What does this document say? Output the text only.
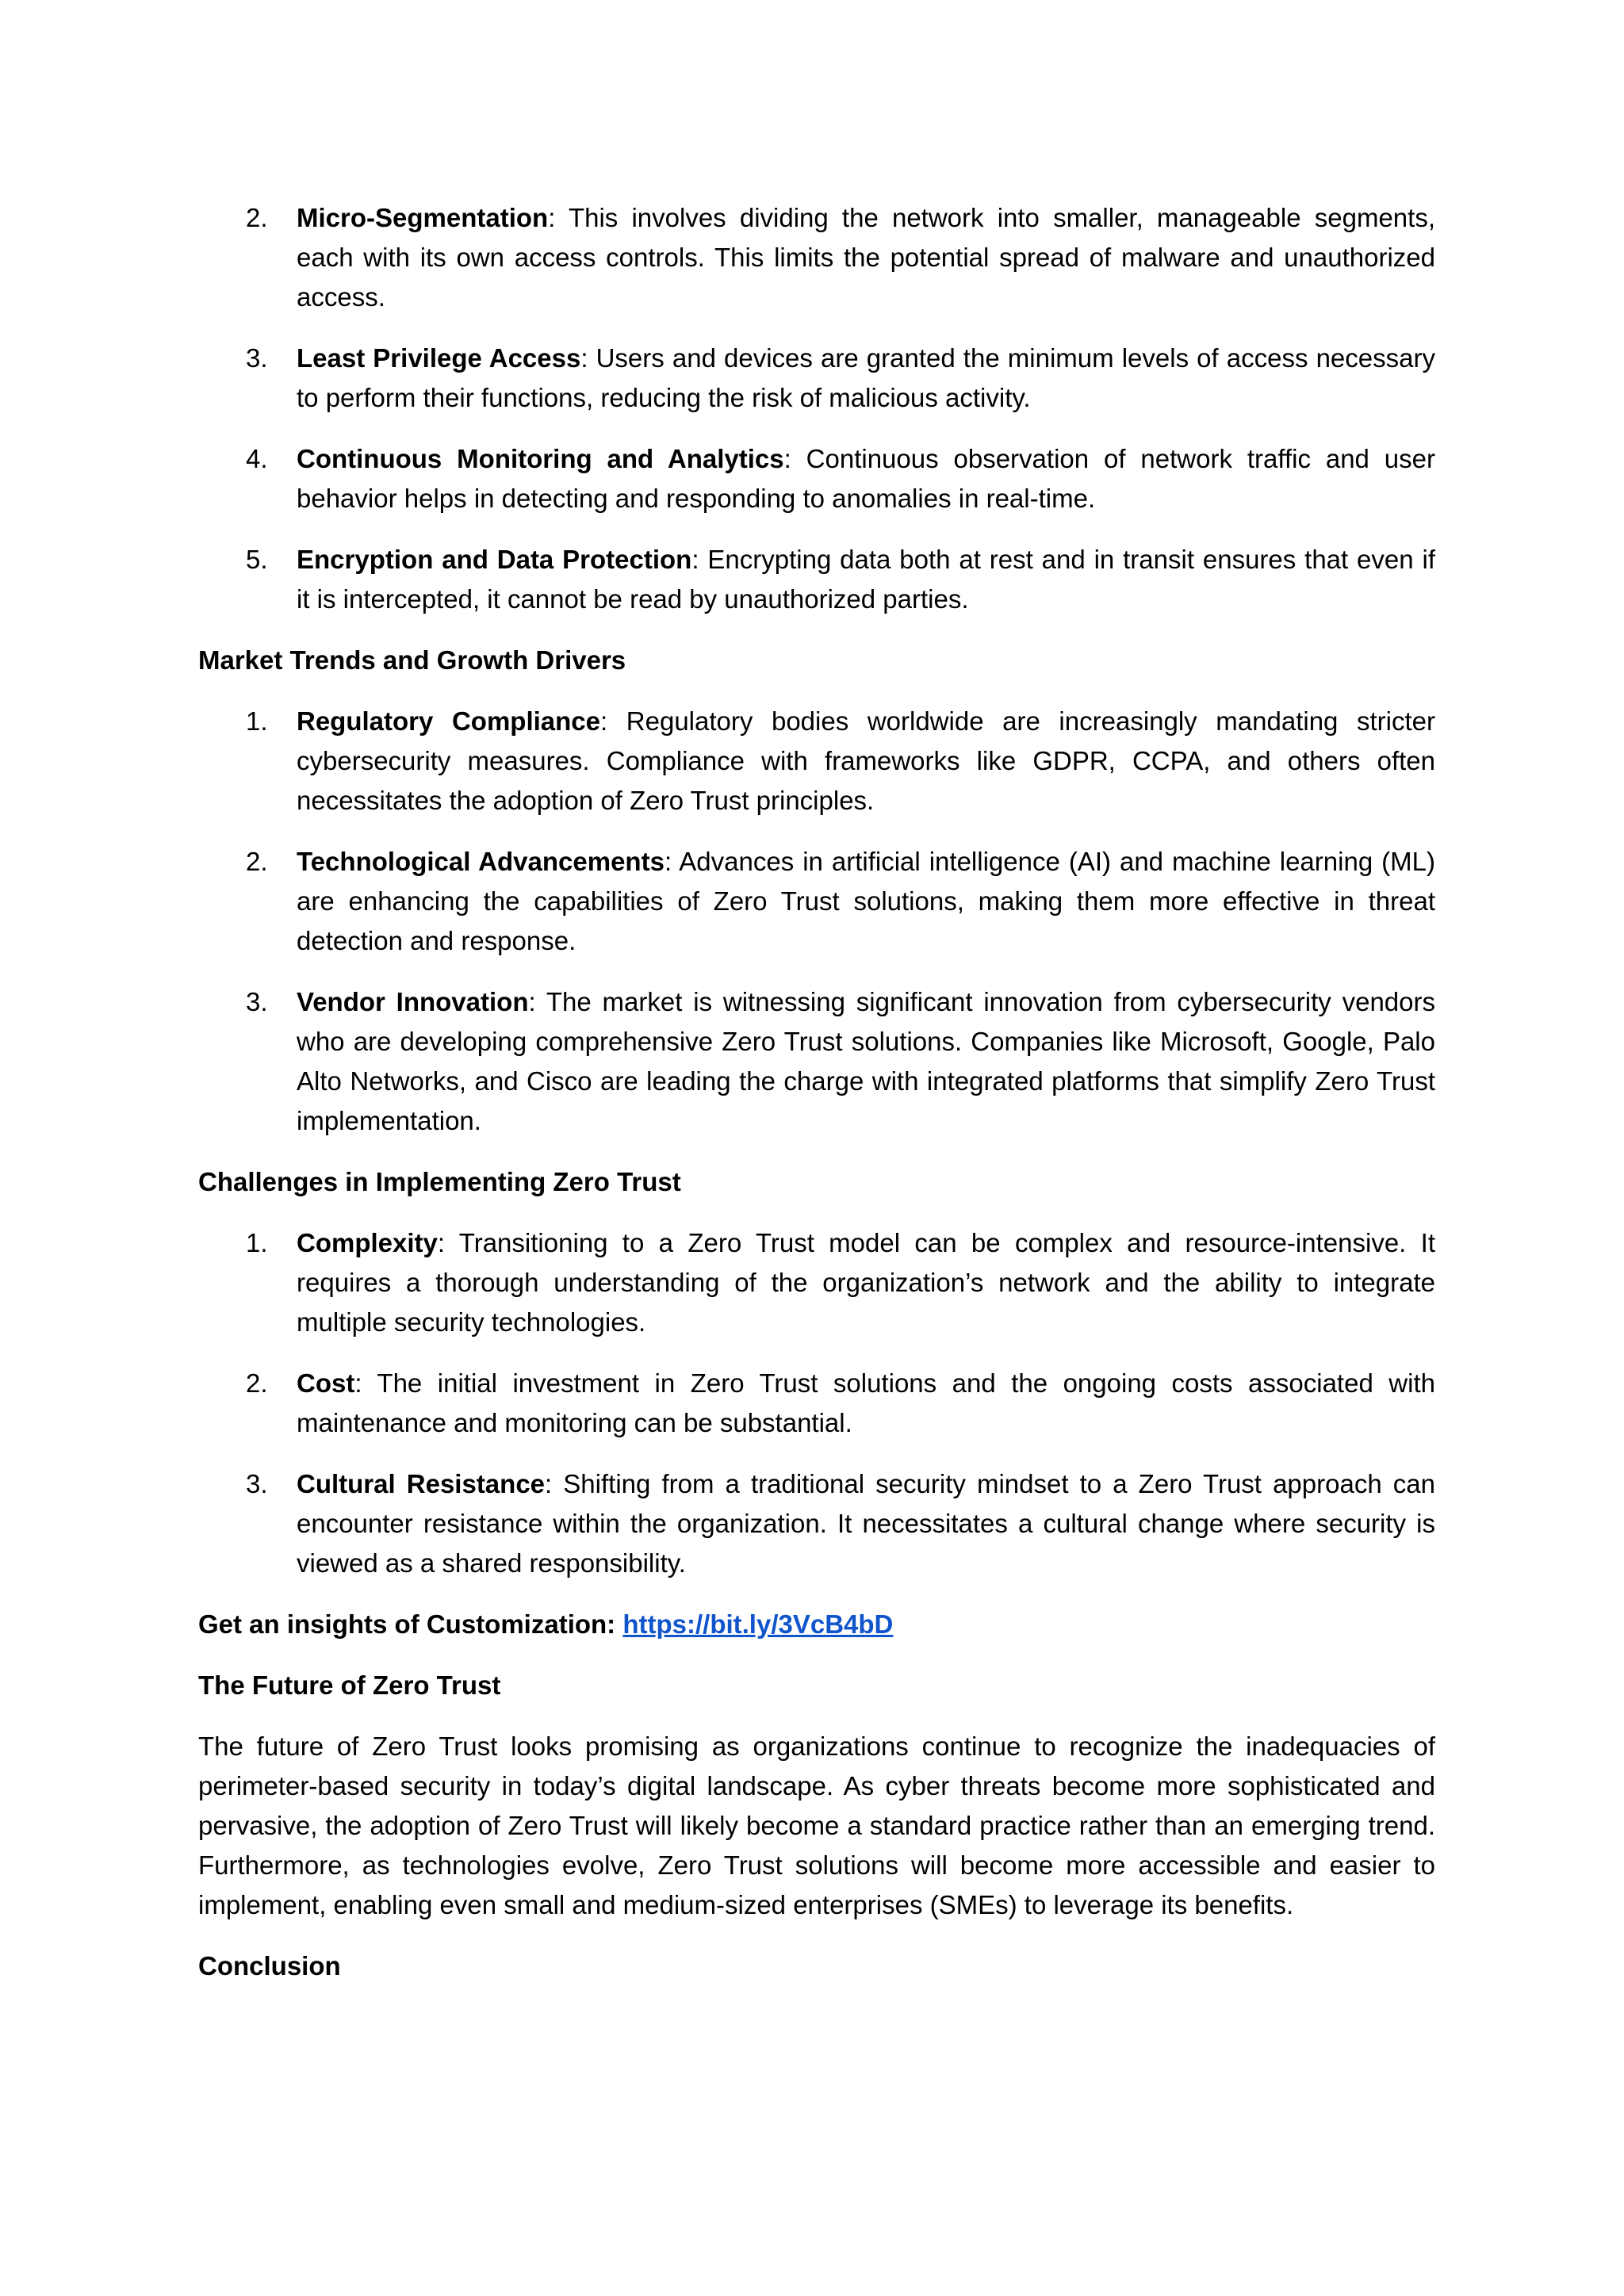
2.	Micro-Segmentation: This involves dividing the network into smaller, manageable segments, each with its own access controls. This limits the potential spread of malware and unauthorized access.
3.	Least Privilege Access: Users and devices are granted the minimum levels of access necessary to perform their functions, reducing the risk of malicious activity.
4.	Continuous Monitoring and Analytics: Continuous observation of network traffic and user behavior helps in detecting and responding to anomalies in real-time.
5.	Encryption and Data Protection: Encrypting data both at rest and in transit ensures that even if it is intercepted, it cannot be read by unauthorized parties.
Market Trends and Growth Drivers
1.	Regulatory Compliance: Regulatory bodies worldwide are increasingly mandating stricter cybersecurity measures. Compliance with frameworks like GDPR, CCPA, and others often necessitates the adoption of Zero Trust principles.
2.	Technological Advancements: Advances in artificial intelligence (AI) and machine learning (ML) are enhancing the capabilities of Zero Trust solutions, making them more effective in threat detection and response.
3.	Vendor Innovation: The market is witnessing significant innovation from cybersecurity vendors who are developing comprehensive Zero Trust solutions. Companies like Microsoft, Google, Palo Alto Networks, and Cisco are leading the charge with integrated platforms that simplify Zero Trust implementation.
Challenges in Implementing Zero Trust
1.	Complexity: Transitioning to a Zero Trust model can be complex and resource-intensive. It requires a thorough understanding of the organization’s network and the ability to integrate multiple security technologies.
2.	Cost: The initial investment in Zero Trust solutions and the ongoing costs associated with maintenance and monitoring can be substantial.
3.	Cultural Resistance: Shifting from a traditional security mindset to a Zero Trust approach can encounter resistance within the organization. It necessitates a cultural change where security is viewed as a shared responsibility.
Get an insights of Customization: https://bit.ly/3VcB4bD
The Future of Zero Trust

The future of Zero Trust looks promising as organizations continue to recognize the inadequacies of perimeter-based security in today’s digital landscape. As cyber threats become more sophisticated and pervasive, the adoption of Zero Trust will likely become a standard practice rather than an emerging trend. Furthermore, as technologies evolve, Zero Trust solutions will become more accessible and easier to implement, enabling even small and medium-sized enterprises (SMEs) to leverage its benefits.

Conclusion
